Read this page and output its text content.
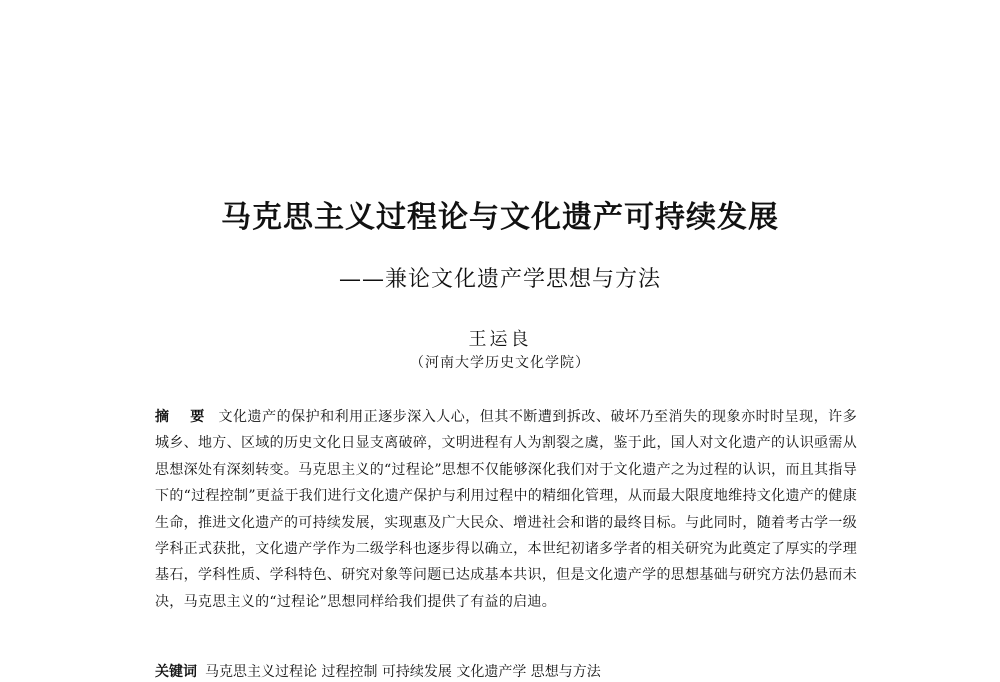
马克思主义过程论与文化遗产可持续发展
——兼论文化遗产学思想与方法
王运良
（河南大学历史文化学院）
摘 要 文化遗产的保护和利用正逐步深入人心，但其不断遭到拆改、破坏乃至消失的现象亦时时呈现，许多城乡、地方、区域的历史文化日显支离破碎，文明进程有人为割裂之虞，鉴于此，国人对文化遗产的认识亟需从思想深处有深刻转变。马克思主义的“过程论”思想不仅能够深化我们对于文化遗产之为过程的认识，而且其指导下的“过程控制”更益于我们进行文化遗产保护与利用过程中的精细化管理，从而最大限度地维持文化遗产的健康生命，推进文化遗产的可持续发展，实现惠及广大民众、增进社会和谐的最终目标。与此同时，随着考古学一级学科正式获批，文化遗产学作为二级学科也逐步得以确立，本世纪初诸多学者的相关研究为此奠定了厚实的学理基石，学科性质、学科特色、研究对象等问题已达成基本共识，但是文化遗产学的思想基础与研究方法仍悬而未决，马克思主义的“过程论”思想同样给我们提供了有益的启迪。
关键词 马克思主义过程论 过程控制 可持续发展 文化遗产学 思想与方法
